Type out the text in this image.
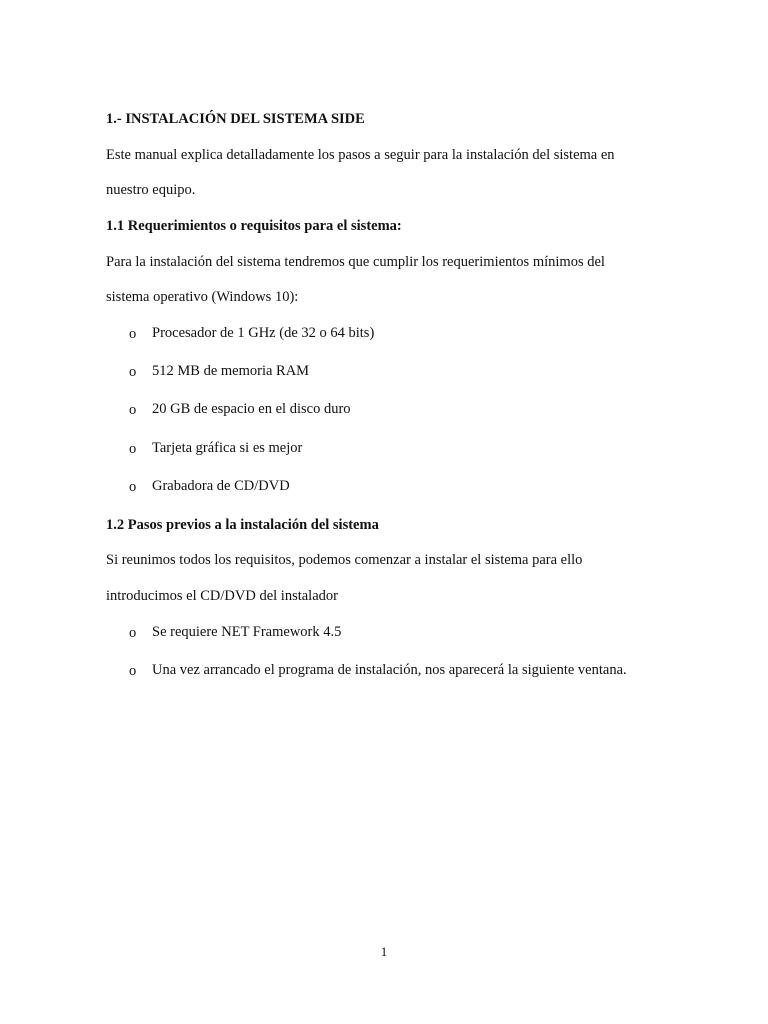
1.- INSTALACIÓN DEL SISTEMA SIDE
Este manual explica detalladamente los pasos a seguir para la instalación del sistema en
nuestro equipo.
1.1 Requerimientos o requisitos para el sistema:
Para la instalación del sistema tendremos que cumplir los requerimientos mínimos del
sistema operativo (Windows 10):
o Procesador de 1 GHz (de 32 o 64 bits)
o 512 MB de memoria RAM
o 20 GB de espacio en el disco duro
o Tarjeta gráfica si es mejor
o Grabadora de CD/DVD
1.2 Pasos previos a la instalación del sistema
Si reunimos todos los requisitos, podemos comenzar a instalar el sistema para ello
introducimos el CD/DVD del instalador
o Se requiere NET Framework 4.5
o Una vez arrancado el programa de instalación, nos aparecerá la siguiente ventana.
1
